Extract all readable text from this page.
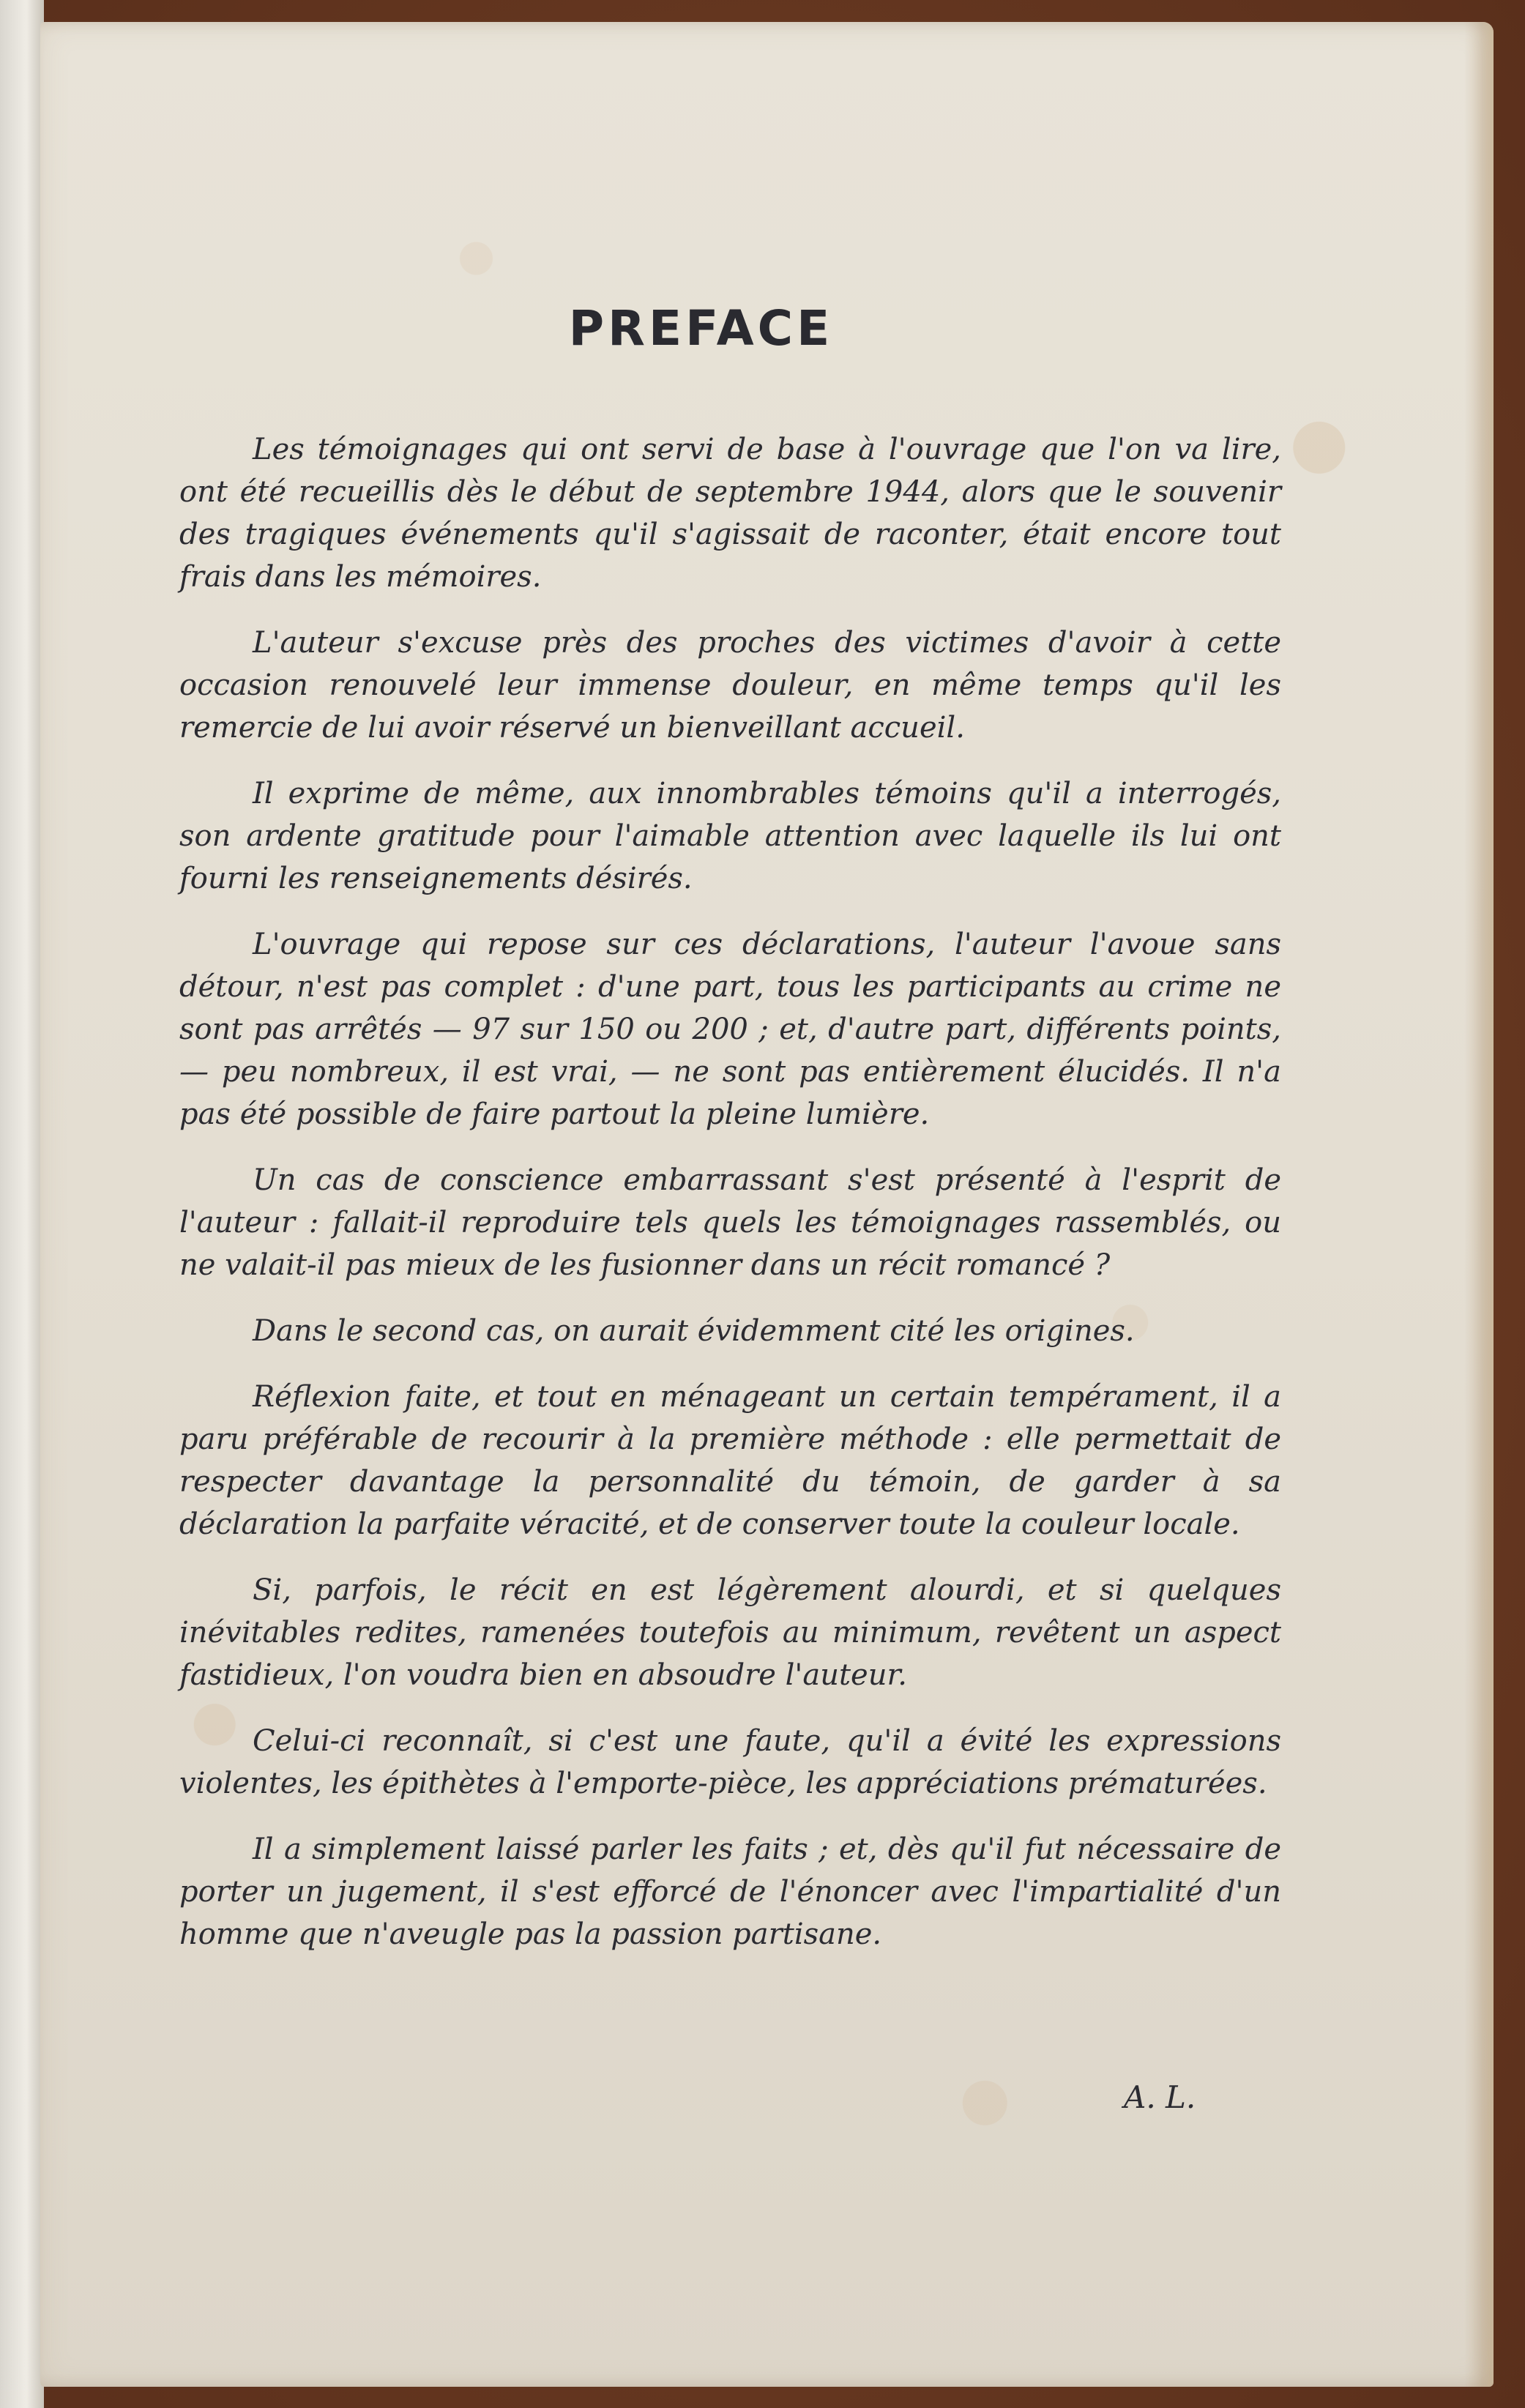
PREFACE

Les témoignages qui ont servi de base à l'ouvrage que l'on va lire, ont été recueillis dès le début de septembre 1944, alors que le souvenir des tragiques événements qu'il s'agissait de raconter, était encore tout frais dans les mémoires.

L'auteur s'excuse près des proches des victimes d'avoir à cette occasion renouvelé leur immense douleur, en même temps qu'il les remercie de lui avoir réservé un bienveillant accueil.

Il exprime de même, aux innombrables témoins qu'il a interrogés, son ardente gratitude pour l'aimable attention avec laquelle ils lui ont fourni les renseignements désirés.

L'ouvrage qui repose sur ces déclarations, l'auteur l'avoue sans détour, n'est pas complet : d'une part, tous les participants au crime ne sont pas arrêtés — 97 sur 150 ou 200 ; et, d'autre part, différents points, — peu nombreux, il est vrai, — ne sont pas entièrement élucidés. Il n'a pas été possible de faire partout la pleine lumière.

Un cas de conscience embarrassant s'est présenté à l'esprit de l'auteur : fallait-il reproduire tels quels les témoignages rassemblés, ou ne valait-il pas mieux de les fusionner dans un récit romancé ?

Dans le second cas, on aurait évidemment cité les origines.

Réflexion faite, et tout en ménageant un certain tempérament, il a paru préférable de recourir à la première méthode : elle permettait de respecter davantage la personnalité du témoin, de garder à sa déclaration la parfaite véracité, et de conserver toute la couleur locale.

Si, parfois, le récit en est légèrement alourdi, et si quelques inévitables redites, ramenées toutefois au minimum, revêtent un aspect fastidieux, l'on voudra bien en absoudre l'auteur.

Celui-ci reconnaît, si c'est une faute, qu'il a évité les expressions violentes, les épithètes à l'emporte-pièce, les appréciations prématurées.

Il a simplement laissé parler les faits ; et, dès qu'il fut nécessaire de porter un jugement, il s'est efforcé de l'énoncer avec l'impartialité d'un homme que n'aveugle pas la passion partisane.

A. L.
